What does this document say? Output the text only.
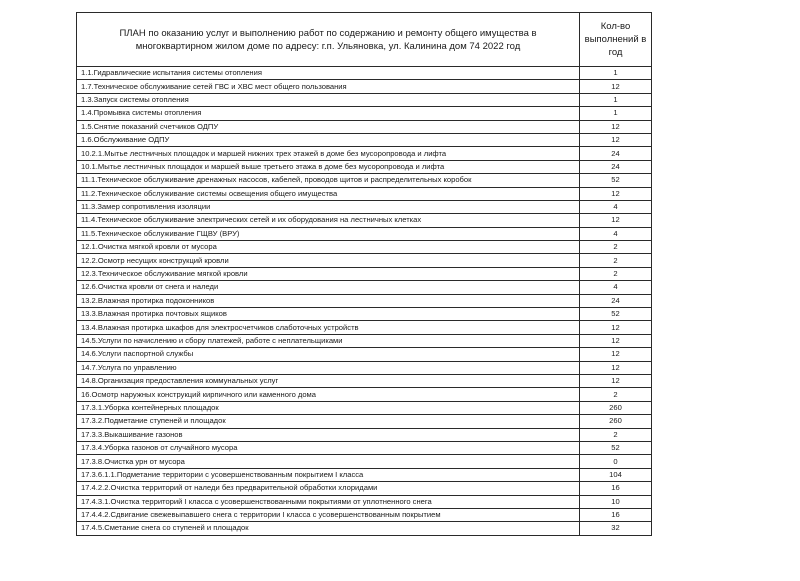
ПЛАН по оказанию услуг и выполнению работ по содержанию и ремонту общего имущества в многоквартирном жилом доме по адресу: г.п. Ульяновка, ул. Калинина дом 74 2022 год	Кол-во выполнений в год
1.1.Гидравлические испытания системы отопления	1
1.7.Техническое обслуживание сетей ГВС и ХВС мест общего пользования	12
1.3.Запуск системы отопления	1
1.4.Промывка системы отопления	1
1.5.Снятие показаний счетчиков ОДПУ	12
1.6.Обслуживание ОДПУ	12
10.2.1.Мытье лестничных площадок и маршей нижних трех этажей в доме без мусоропровода и лифта	24
10.1.Мытье лестничных площадок и маршей выше третьего этажа в доме без мусоропровода и лифта	24
11.1.Техническое обслуживание дренажных насосов, кабелей, проводов щитов и распределительных коробок	52
11.2.Техническое обслуживание системы освещения общего имущества	12
11.3.Замер сопротивления изоляции	4
11.4.Техническое обслуживание электрических сетей и их оборудования на лестничных клетках	12
11.5.Техническое обслуживание ГЩВУ (ВРУ)	4
12.1.Очистка мягкой кровли от мусора	2
12.2.Осмотр несущих конструкций кровли	2
12.3.Техническое обслуживание мягкой кровли	2
12.6.Очистка кровли от снега и наледи	4
13.2.Влажная протирка подоконников	24
13.3.Влажная протирка почтовых ящиков	52
13.4.Влажная протирка шкафов для электросчетчиков слаботочных устройств	12
14.5.Услуги по начислению и сбору платежей, работе с неплательщиками	12
14.6.Услуги паспортной службы	12
14.7.Услуга по управлению	12
14.8.Организация предоставления коммунальных услуг	12
16.Осмотр наружных конструкций кирпичного или каменного дома	2
17.3.1.Уборка контейнерных площадок	260
17.3.2.Подметание ступеней и площадок	260
17.3.3.Выкашивание газонов	2
17.3.4.Уборка газонов от случайного мусора	52
17.3.8.Очистка урн от мусора	0
17.3.6.1.1.Подметание территории с усовершенствованным покрытием I класса	104
17.4.2.2.Очистка территорий от наледи без предварительной обработки хлоридами	16
17.4.3.1.Очистка территорий I класса с усовершенствованными покрытиями от уплотненного снега	10
17.4.4.2.Сдвигание свежевыпавшего снега с территории I класса с усовершенствованным покрытием	16
17.4.5.Сметание снега со ступеней и площадок	32
